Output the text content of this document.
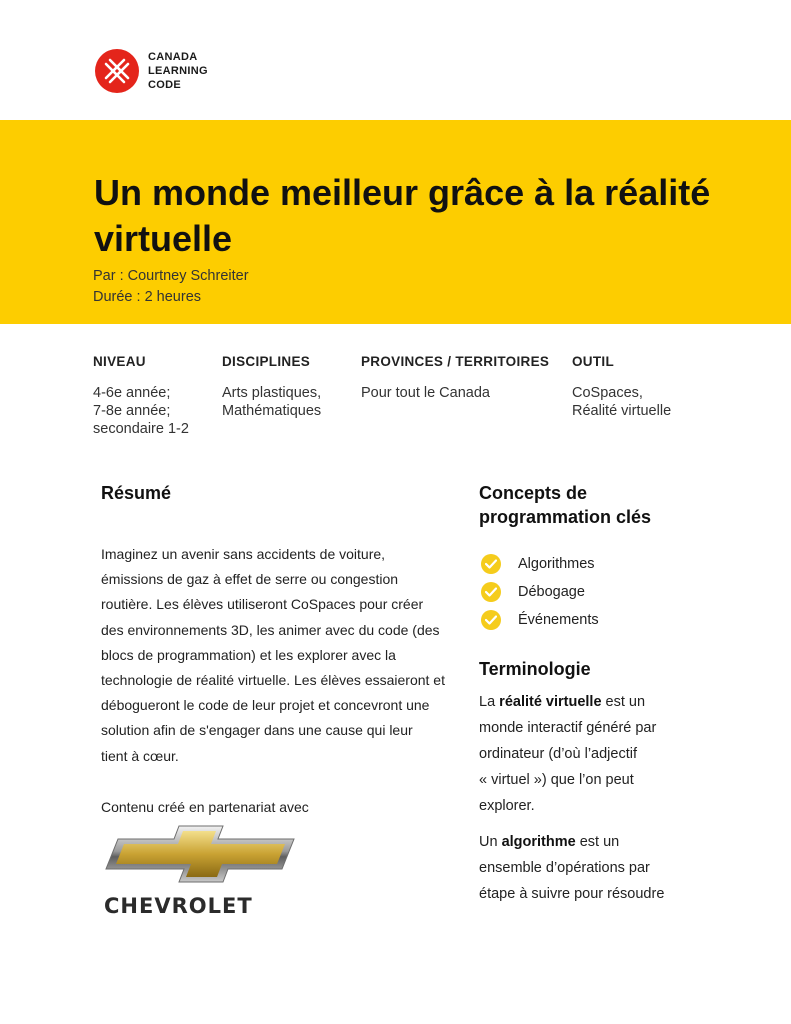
CANADA
LEARNING
CODE
Un monde meilleur grâce à la réalité virtuelle
Par : Courtney Schreiter
Durée : 2 heures
NIVEAU
4-6e année;
7-8e année;
secondaire 1-2
DISCIPLINES
Arts plastiques,
Mathématiques
PROVINCES / TERRITOIRES
Pour tout le Canada
OUTIL
CoSpaces,
Réalité virtuelle
Résumé
Imaginez un avenir sans accidents de voiture,
émissions de gaz à effet de serre ou congestion
routière. Les élèves utiliseront CoSpaces pour créer
des environnements 3D, les animer avec du code (des
blocs de programmation) et les explorer avec la
technologie de réalité virtuelle. Les élèves essaieront et
débogueront le code de leur projet et concevront une
solution afin de s'engager dans une cause qui leur
tient à cœur.
Contenu créé en partenariat avec
CHEVROLET
Concepts de
programmation clés
Algorithmes
Débogage
Événements
Terminologie
La réalité virtuelle est un
monde interactif généré par
ordinateur (d’où l’adjectif
« virtuel ») que l’on peut
explorer.
Un algorithme est un
ensemble d’opérations par
étape à suivre pour résoudre
